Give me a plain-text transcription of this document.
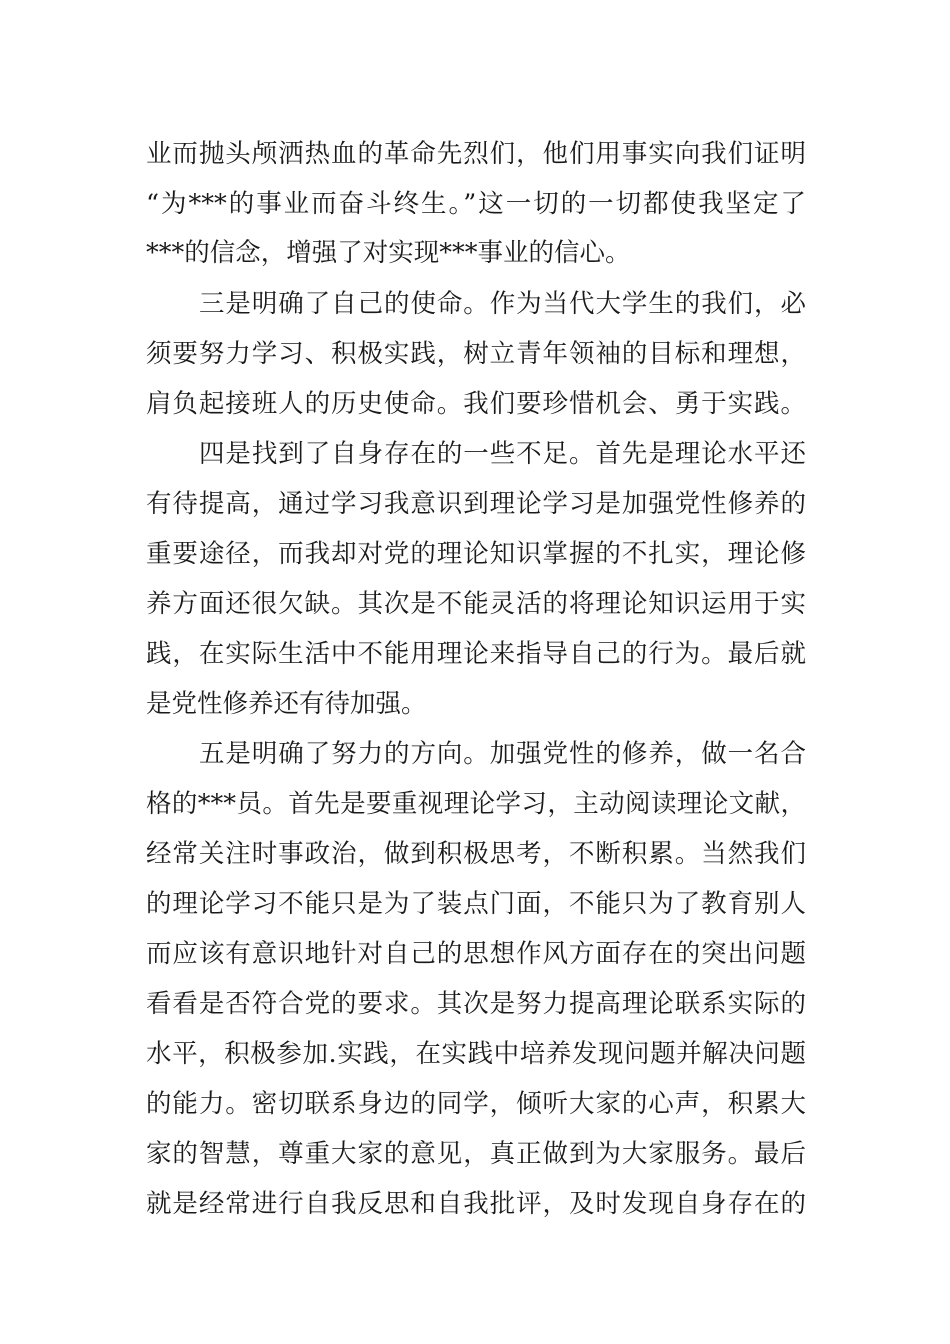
业而抛头颅洒热血的革命先烈们，他们用事实向我们证明
“为***的事业而奋斗终生。”这一切的一切都使我坚定了
***的信念，增强了对实现***事业的信心。
三是明确了自己的使命。作为当代大学生的我们，必
须要努力学习、积极实践，树立青年领袖的目标和理想，
肩负起接班人的历史使命。我们要珍惜机会、勇于实践。
四是找到了自身存在的一些不足。首先是理论水平还
有待提高，通过学习我意识到理论学习是加强党性修养的
重要途径，而我却对党的理论知识掌握的不扎实，理论修
养方面还很欠缺。其次是不能灵活的将理论知识运用于实
践，在实际生活中不能用理论来指导自己的行为。最后就
是党性修养还有待加强。
五是明确了努力的方向。加强党性的修养，做一名合
格的***员。首先是要重视理论学习，主动阅读理论文献，
经常关注时事政治，做到积极思考，不断积累。当然我们
的理论学习不能只是为了装点门面，不能只为了教育别人
而应该有意识地针对自己的思想作风方面存在的突出问题
看看是否符合党的要求。其次是努力提高理论联系实际的
水平，积极参加.实践，在实践中培养发现问题并解决问题
的能力。密切联系身边的同学，倾听大家的心声，积累大
家的智慧，尊重大家的意见，真正做到为大家服务。最后
就是经常进行自我反思和自我批评，及时发现自身存在的
